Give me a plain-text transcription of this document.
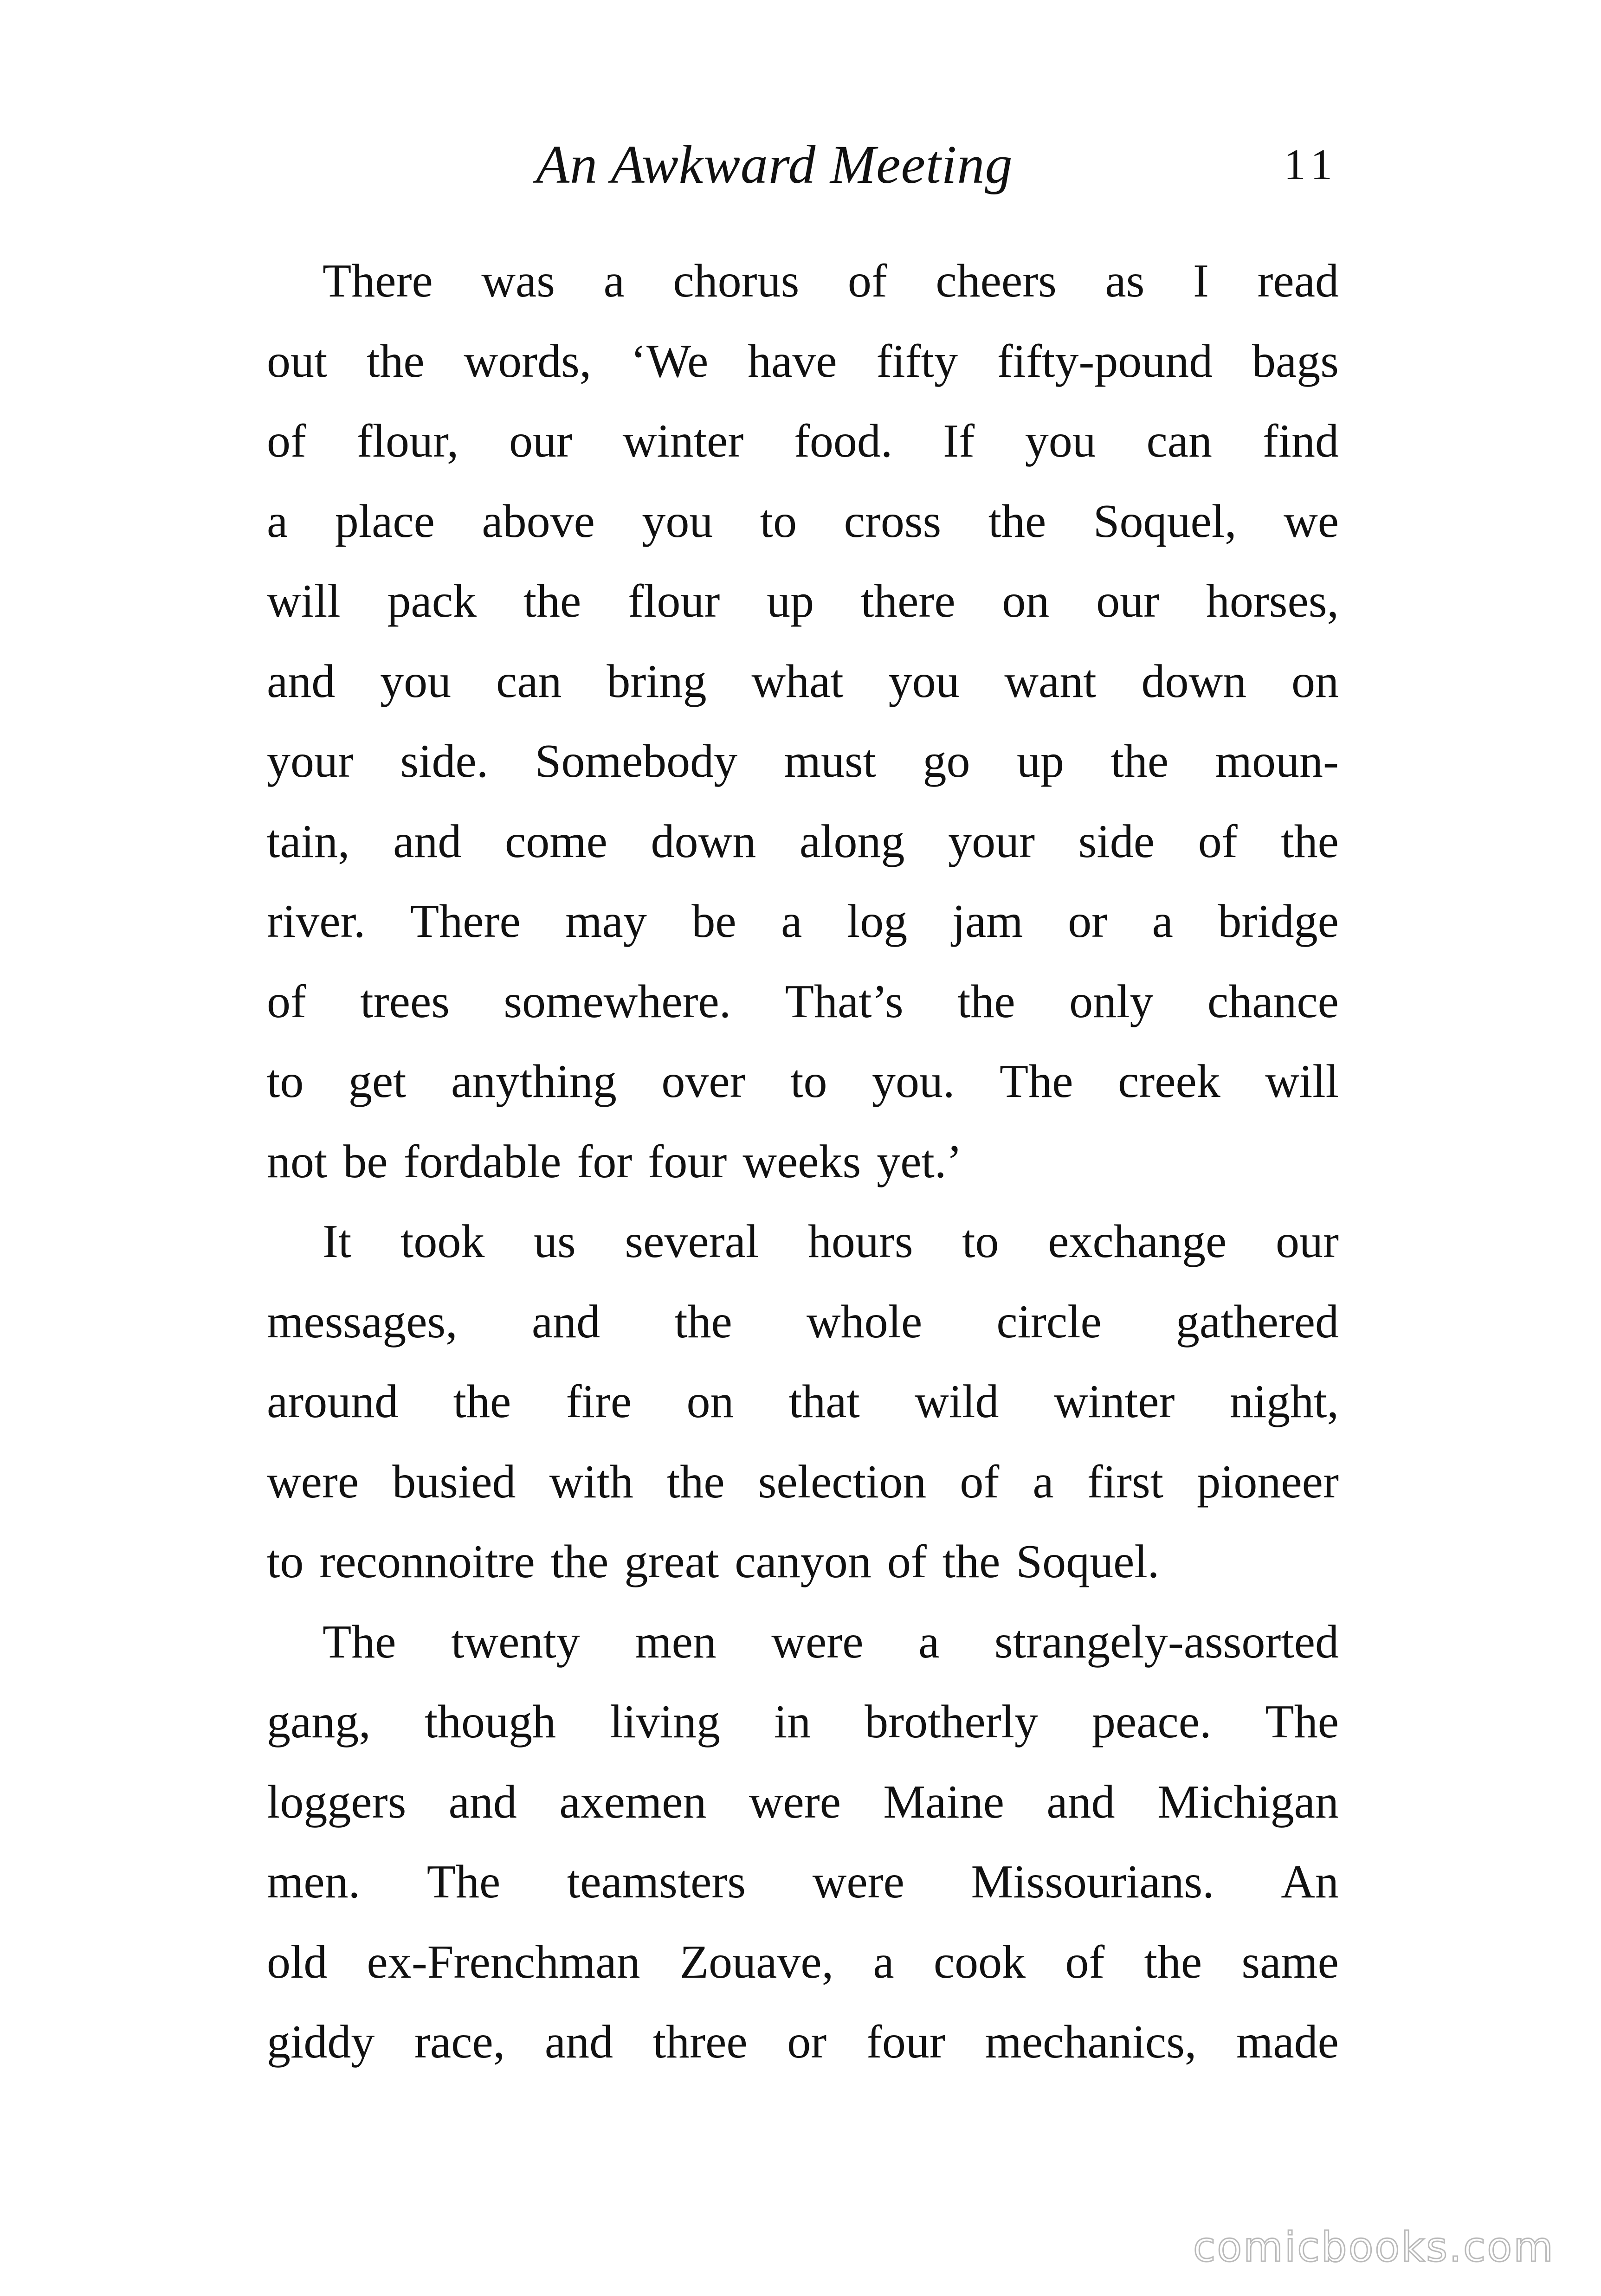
An Awkward Meeting	11
There was a chorus of cheers as I read
out the words, ‘We have fifty fifty-pound bags
of flour, our winter food. If you can find
a place above you to cross the Soquel, we
will pack the flour up there on our horses,
and you can bring what you want down on
your side. Somebody must go up the moun-
tain, and come down along your side of the
river. There may be a log jam or a bridge
of trees somewhere. That’s the only chance
to get anything over to you. The creek will
not be fordable for four weeks yet.’
It took us several hours to exchange our
messages, and the whole circle gathered
around the fire on that wild winter night,
were busied with the selection of a first pioneer
to reconnoitre the great canyon of the Soquel.
The twenty men were a strangely-assorted
gang, though living in brotherly peace. The
loggers and axemen were Maine and Michigan
men. The teamsters were Missourians. An
old ex-Frenchman Zouave, a cook of the same
giddy race, and three or four mechanics, made
comicbooks.com
